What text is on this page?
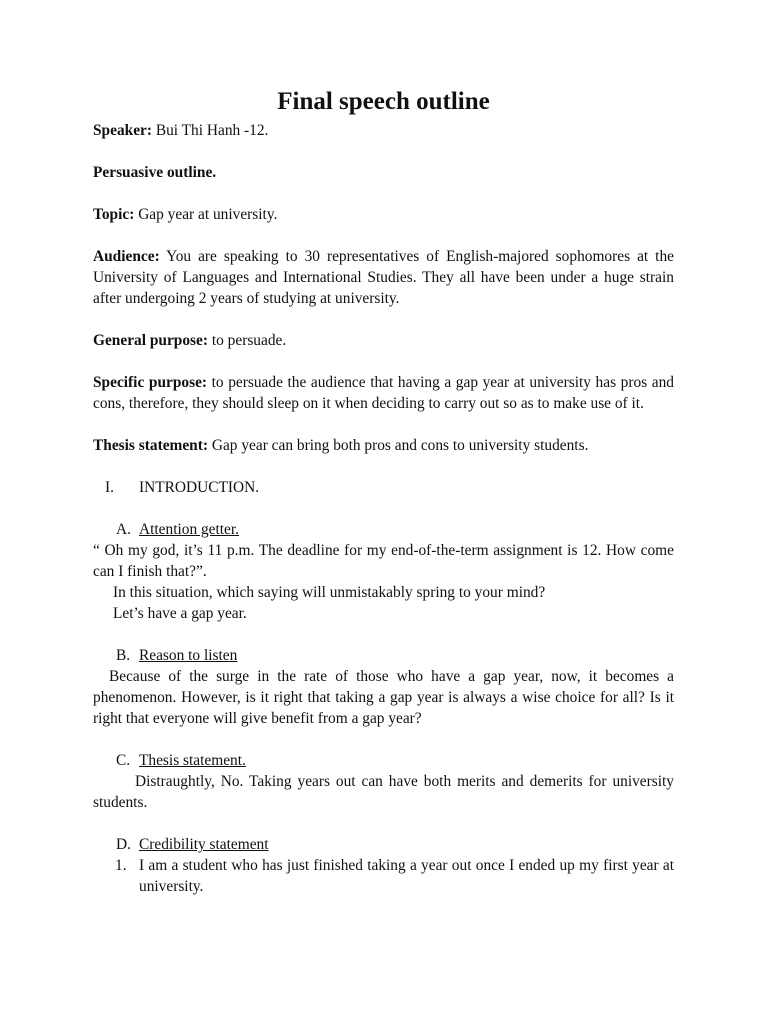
Final speech outline
Speaker: Bui Thi Hanh -12.
Persuasive outline.
Topic: Gap year at university.
Audience: You are speaking to 30 representatives of English-majored sophomores at the University of Languages and International Studies. They all have been under a huge strain after undergoing 2 years of studying at university.
General purpose: to persuade.
Specific purpose: to persuade the audience that having a gap year at university has pros and cons, therefore, they should sleep on it when deciding to carry out so as to make use of it.
Thesis statement: Gap year can bring both pros and cons to university students.
I. INTRODUCTION.
A. Attention getter.
“ Oh my god, it’s 11 p.m. The deadline for my end-of-the-term assignment is 12. How come can I finish that?”.
In this situation, which saying will unmistakably spring to your mind?
Let’s have a gap year.
B. Reason to listen
Because of the surge in the rate of those who have a gap year, now, it becomes a phenomenon. However, is it right that taking a gap year is always a wise choice for all? Is it right that everyone will give benefit from a gap year?
C. Thesis statement.
Distraughtly, No. Taking years out can have both merits and demerits for university students.
D. Credibility statement
1. I am a student who has just finished taking a year out once I ended up my first year at university.
